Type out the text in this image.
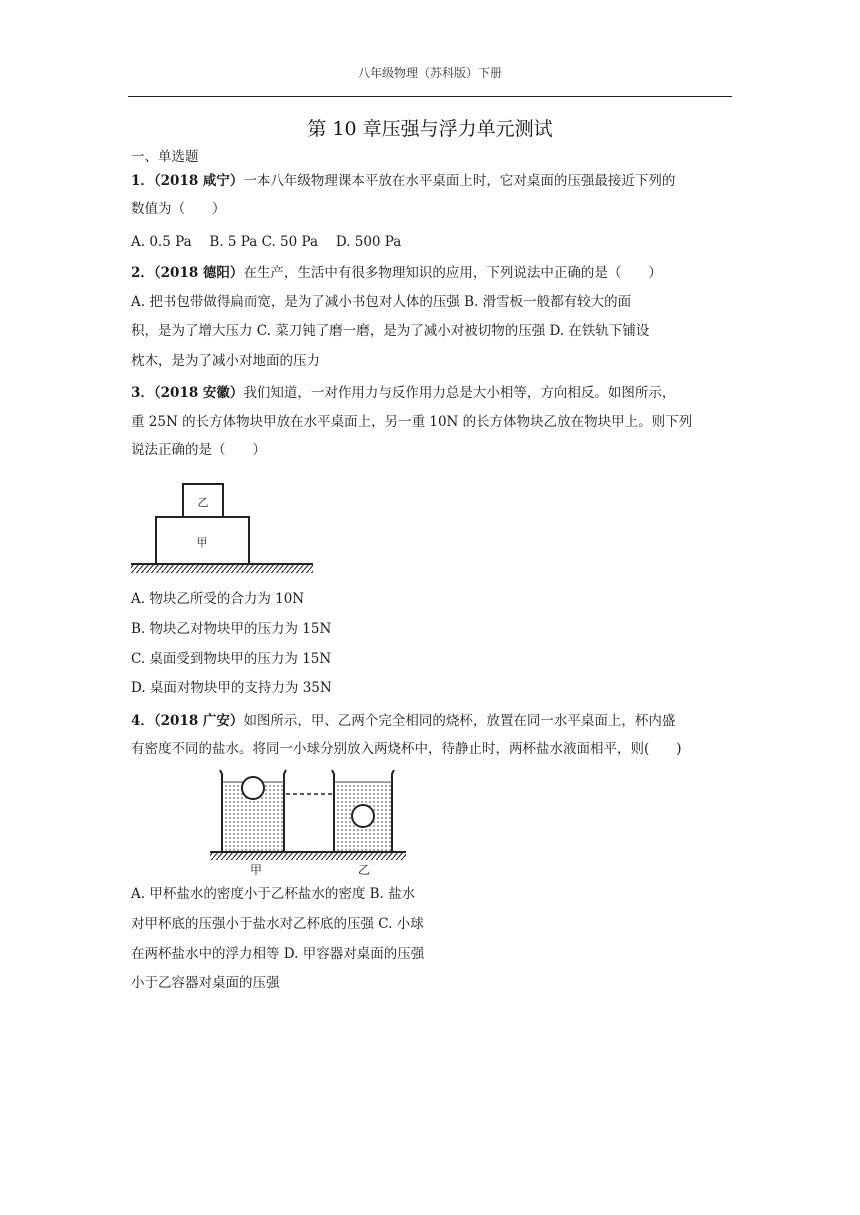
八年级物理（苏科版）下册
第 10 章压强与浮力单元测试
一、单选题
1．（2018 咸宁）一本八年级物理课本平放在水平桌面上时，它对桌面的压强最接近下列的
数值为（　　）
A. 0.5 Pa　 B. 5 Pa C. 50 Pa　 D. 500 Pa
2．（2018 德阳）在生产，生活中有很多物理知识的应用，下列说法中正确的是（　　）
A. 把书包带做得扁而宽，是为了减小书包对人体的压强 B. 滑雪板一般都有较大的面
积，是为了增大压力 C. 菜刀钝了磨一磨，是为了减小对被切物的压强 D. 在铁轨下铺设
枕木，是为了减小对地面的压力
3．（2018 安徽）我们知道，一对作用力与反作用力总是大小相等，方向相反。如图所示，
重 25N 的长方体物块甲放在水平桌面上，另一重 10N 的长方体物块乙放在物块甲上。则下列
说法正确的是（　　）
乙
甲
A. 物块乙所受的合力为 10N
B. 物块乙对物块甲的压力为 15N
C. 桌面受到物块甲的压力为 15N
D. 桌面对物块甲的支持力为 35N
4．（2018 广安）如图所示，甲、乙两个完全相同的烧杯，放置在同一水平桌面上，杯内盛
有密度不同的盐水。将同一小球分别放入两烧杯中，待静止时，两杯盐水液面相平，则(　　)
甲	乙
A. 甲杯盐水的密度小于乙杯盐水的密度 B. 盐水
对甲杯底的压强小于盐水对乙杯底的压强 C. 小球
在两杯盐水中的浮力相等 D. 甲容器对桌面的压强
小于乙容器对桌面的压强
